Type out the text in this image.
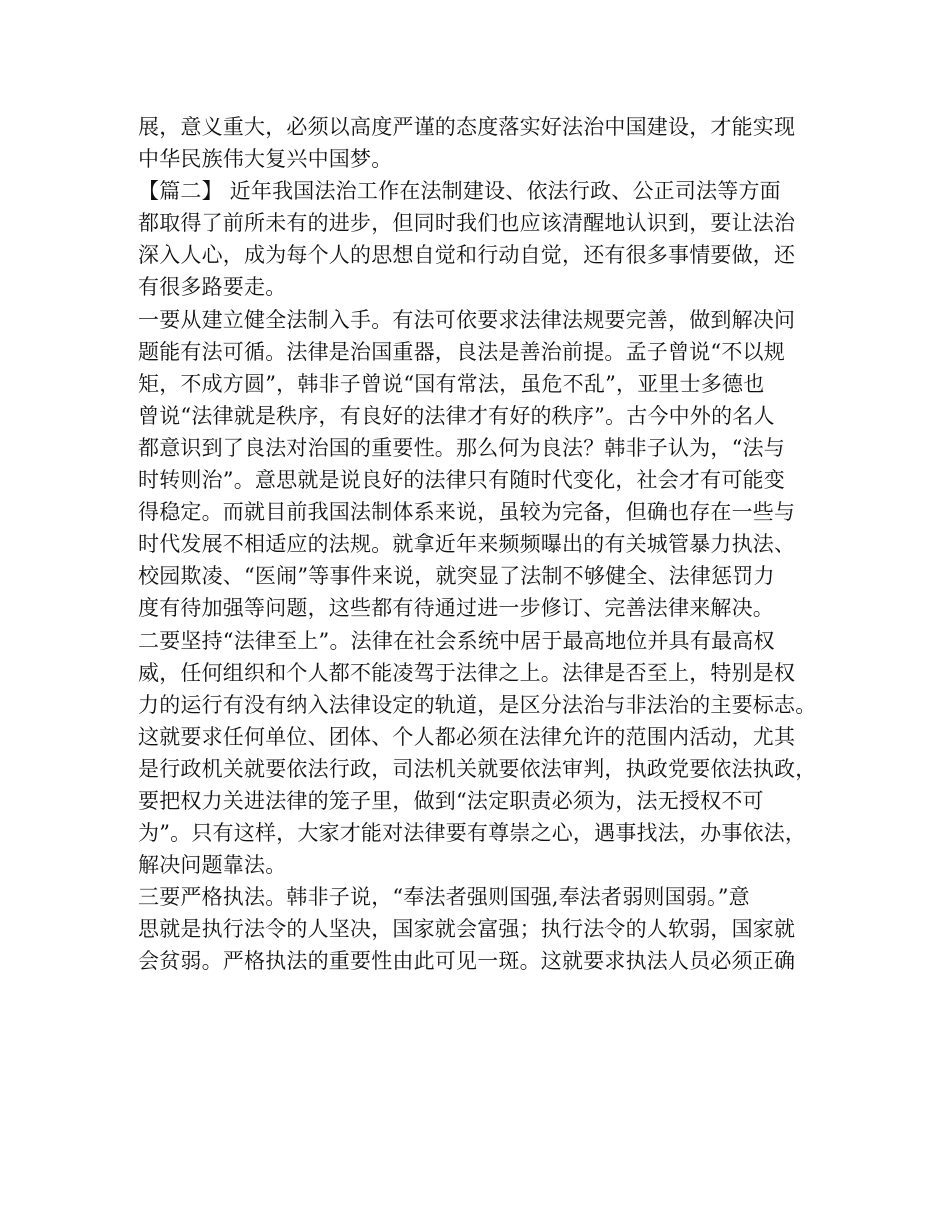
展，意义重大，必须以高度严谨的态度落实好法治中国建设，才能实现
中华民族伟大复兴中国梦。
【篇二】 近年我国法治工作在法制建设、依法行政、公正司法等方面
都取得了前所未有的进步，但同时我们也应该清醒地认识到，要让法治
深入人心，成为每个人的思想自觉和行动自觉，还有很多事情要做，还
有很多路要走。
一要从建立健全法制入手。有法可依要求法律法规要完善，做到解决问
题能有法可循。法律是治国重器，良法是善治前提。孟子曾说“不以规
矩，不成方圆”，韩非子曾说“国有常法，虽危不乱”，亚里士多德也
曾说“法律就是秩序，有良好的法律才有好的秩序”。古今中外的名人
都意识到了良法对治国的重要性。那么何为良法？韩非子认为，“法与
时转则治”。意思就是说良好的法律只有随时代变化，社会才有可能变
得稳定。而就目前我国法制体系来说，虽较为完备，但确也存在一些与
时代发展不相适应的法规。就拿近年来频频曝出的有关城管暴力执法、
校园欺凌、“医闹”等事件来说，就突显了法制不够健全、法律惩罚力
度有待加强等问题，这些都有待通过进一步修订、完善法律来解决。
二要坚持“法律至上”。法律在社会系统中居于最高地位并具有最高权
威，任何组织和个人都不能凌驾于法律之上。法律是否至上，特别是权
力的运行有没有纳入法律设定的轨道，是区分法治与非法治的主要标志。
这就要求任何单位、团体、个人都必须在法律允许的范围内活动，尤其
是行政机关就要依法行政，司法机关就要依法审判，执政党要依法执政，
要把权力关进法律的笼子里，做到“法定职责必须为，法无授权不可
为”。只有这样，大家才能对法律要有尊崇之心，遇事找法，办事依法，
解决问题靠法。
三要严格执法。韩非子说，“奉法者强则国强,奉法者弱则国弱。”意
思就是执行法令的人坚决，国家就会富强；执行法令的人软弱，国家就
会贫弱。严格执法的重要性由此可见一斑。这就要求执法人员必须正确
